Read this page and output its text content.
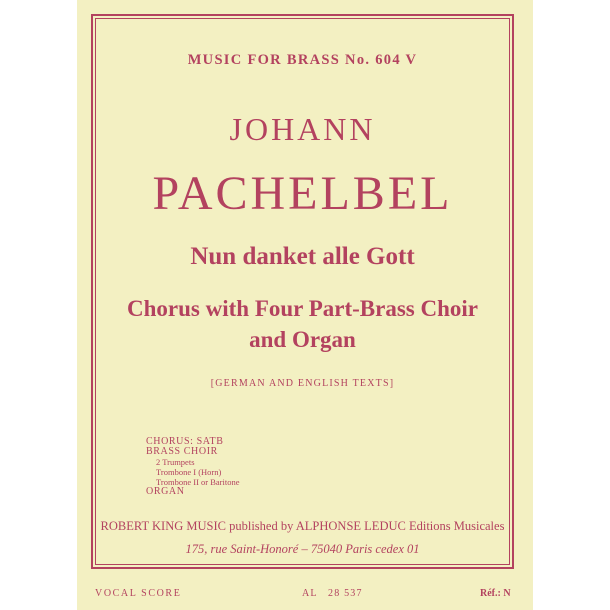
MUSIC FOR BRASS No. 604 V

JOHANN

PACHELBEL

Nun danket alle Gott

Chorus with Four Part-Brass Choir

and Organ

[GERMAN AND ENGLISH TEXTS]

CHORUS: SATB
BRASS CHOIR
2 Trumpets
Trombone I (Horn)
Trombone II or Baritone
ORGAN

ROBERT KING MUSIC published by ALPHONSE LEDUC Editions Musicales

175, rue Saint-Honoré – 75040 Paris cedex 01

VOCAL SCORE	AL 28 537	Réf.: N
